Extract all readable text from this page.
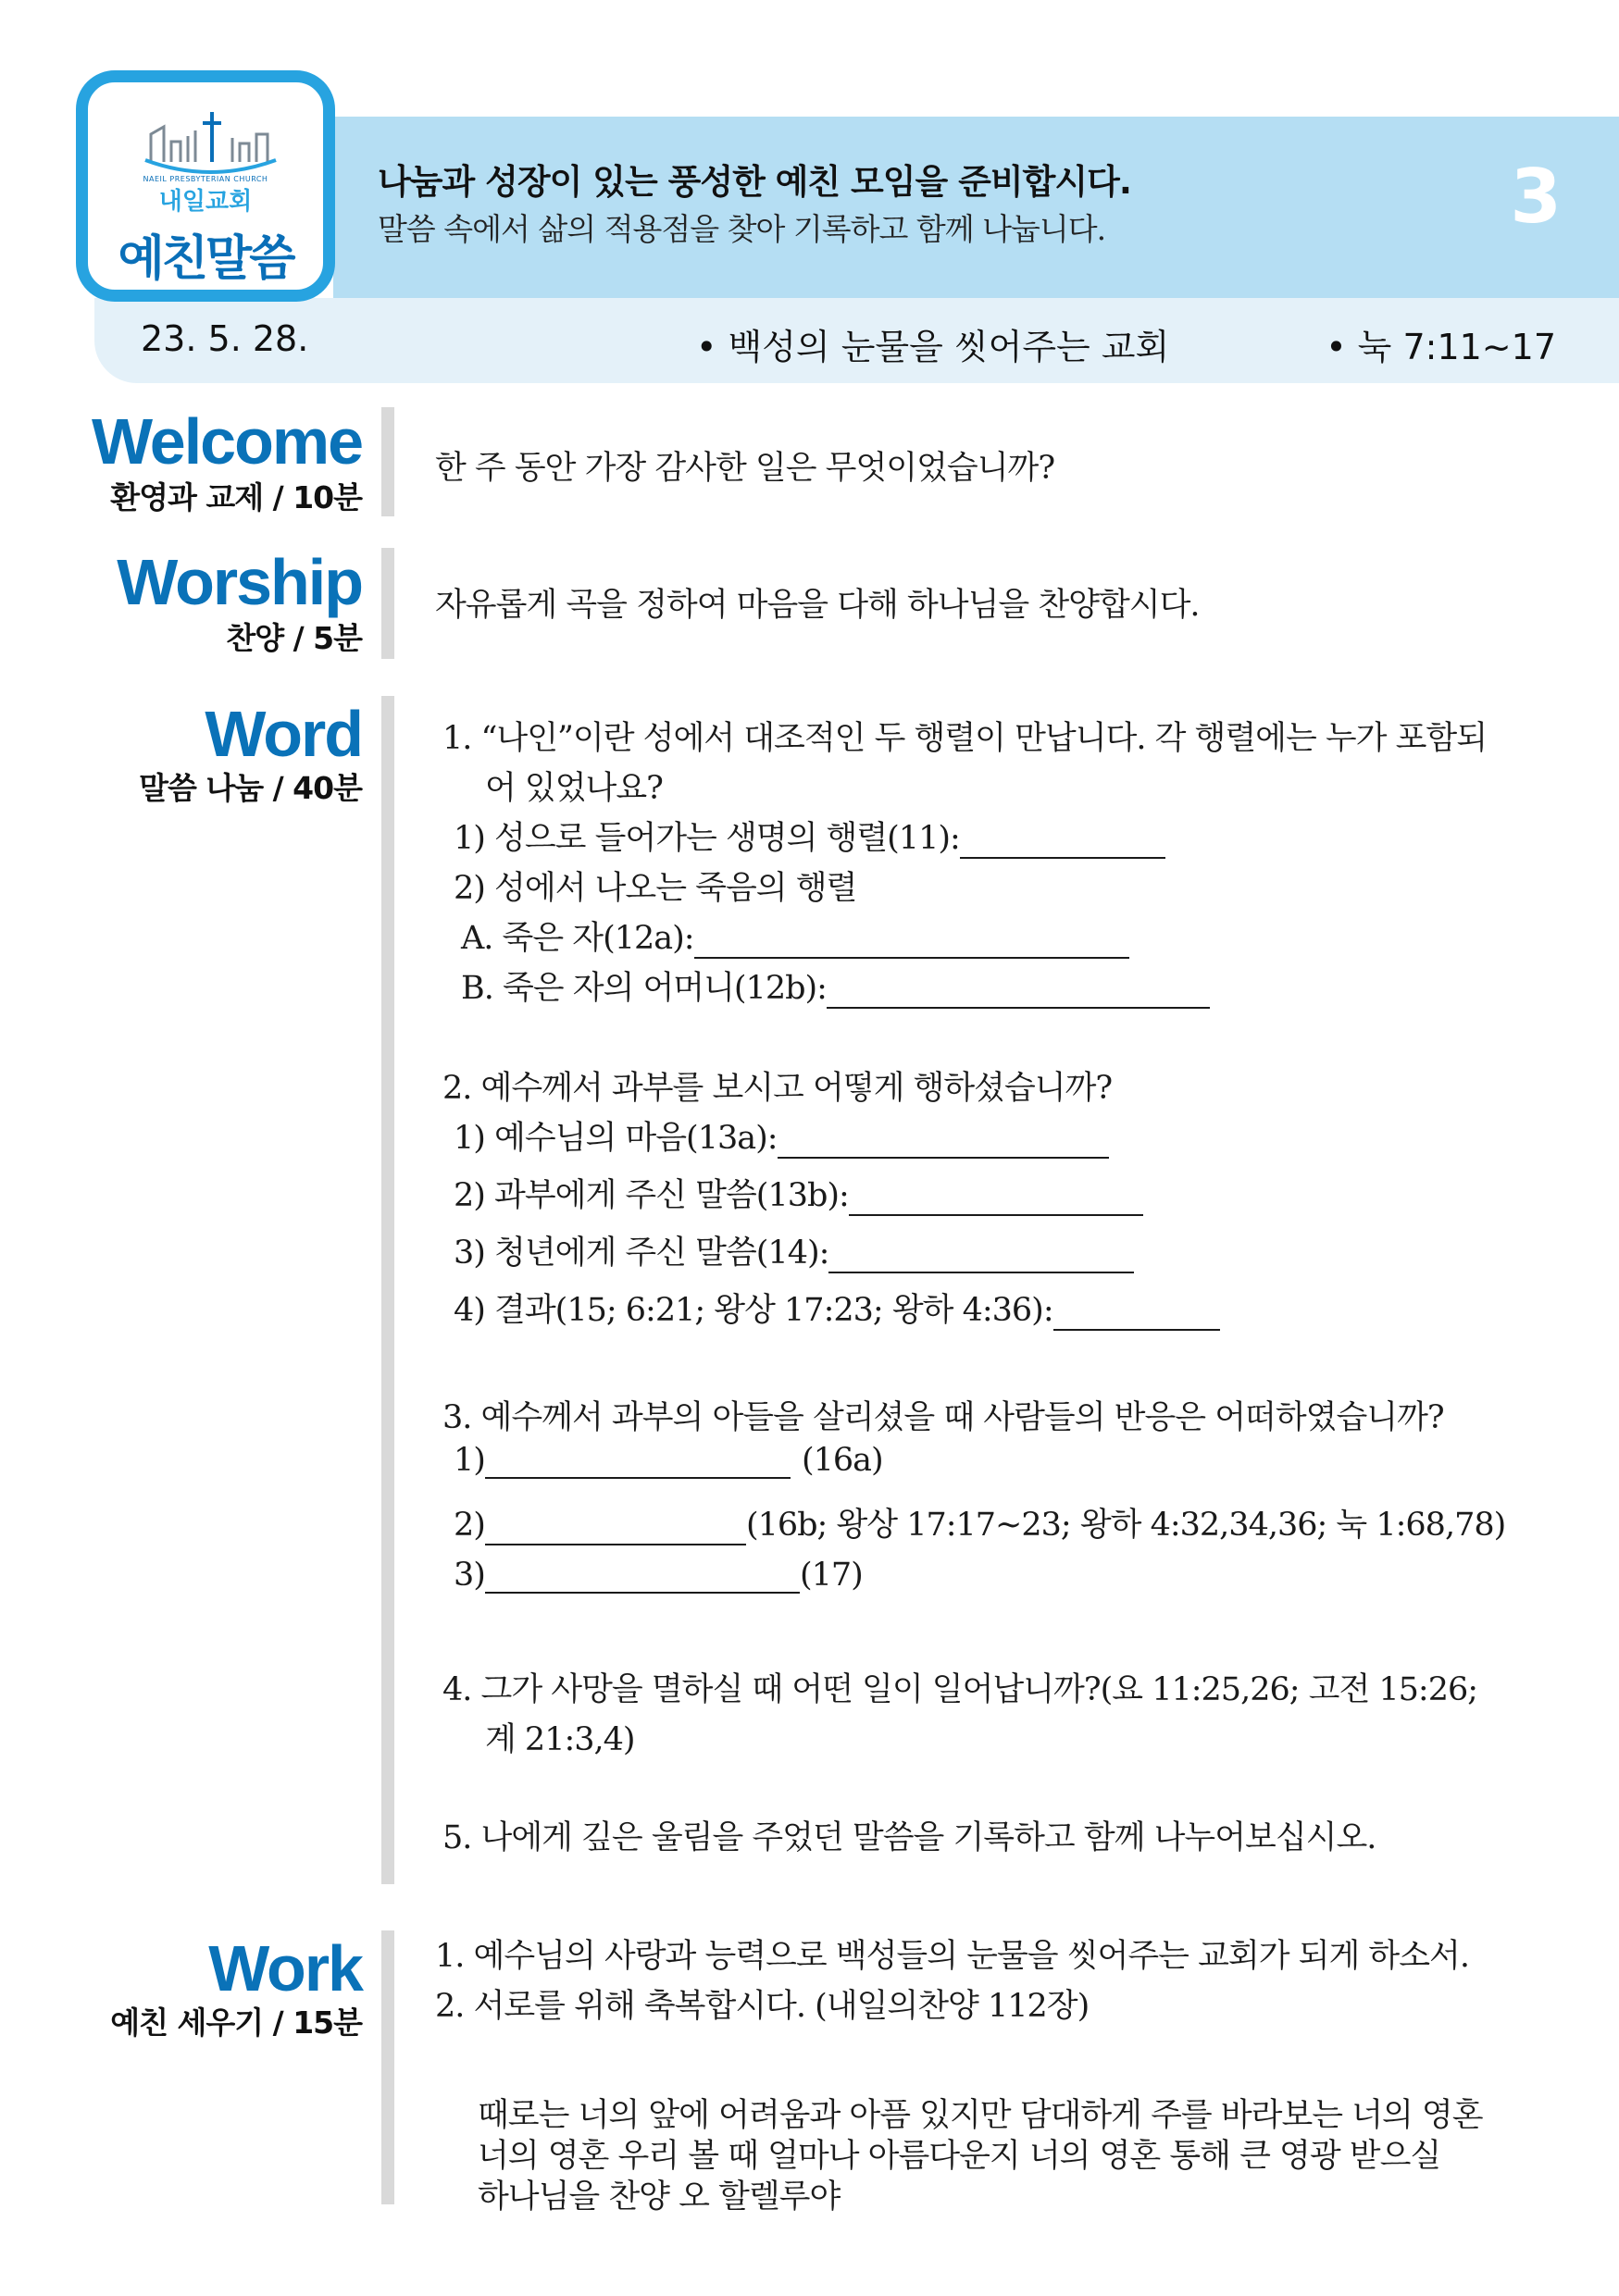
23. 5. 28.	• 백성의 눈물을 씻어주는 교회	• 눅 7:11~17
나눔과 성장이 있는 풍성한 예친 모임을 준비합시다.
말씀 속에서 삶의 적용점을 찾아 기록하고 함께 나눕니다.	3
NAEIL PRESBYTERIAN CHURCH
내일교회
예친말씀
Welcome
환영과 교제 / 10분
한 주 동안 가장 감사한 일은 무엇이었습니까?
Worship
찬양 / 5분
자유롭게 곡을 정하여 마음을 다해 하나님을 찬양합시다.
Word
말씀 나눔 / 40분
1. “나인”이란 성에서 대조적인 두 행렬이 만납니다. 각 행렬에는 누가 포함되
어 있었나요?
1) 성으로 들어가는 생명의 행렬(11):
2) 성에서 나오는 죽음의 행렬
A. 죽은 자(12a):
B. 죽은 자의 어머니(12b):
2. 예수께서 과부를 보시고 어떻게 행하셨습니까?
1) 예수님의 마음(13a):
2) 과부에게 주신 말씀(13b):
3) 청년에게 주신 말씀(14):
4) 결과(15; 6:21; 왕상 17:23; 왕하 4:36):
3. 예수께서 과부의 아들을 살리셨을 때 사람들의 반응은 어떠하였습니까?
1)	(16a)
2)	(16b; 왕상 17:17~23; 왕하 4:32,34,36; 눅 1:68,78)
3)	(17)
4. 그가 사망을 멸하실 때 어떤 일이 일어납니까?(요 11:25,26; 고전 15:26;
계 21:3,4)
5. 나에게 깊은 울림을 주었던 말씀을 기록하고 함께 나누어보십시오.
Work
예친 세우기 / 15분
1. 예수님의 사랑과 능력으로 백성들의 눈물을 씻어주는 교회가 되게 하소서.
2. 서로를 위해 축복합시다. (내일의찬양 112장)
때로는 너의 앞에 어려움과 아픔 있지만 담대하게 주를 바라보는 너의 영혼
너의 영혼 우리 볼 때 얼마나 아름다운지 너의 영혼 통해 큰 영광 받으실
하나님을 찬양 오 할렐루야
